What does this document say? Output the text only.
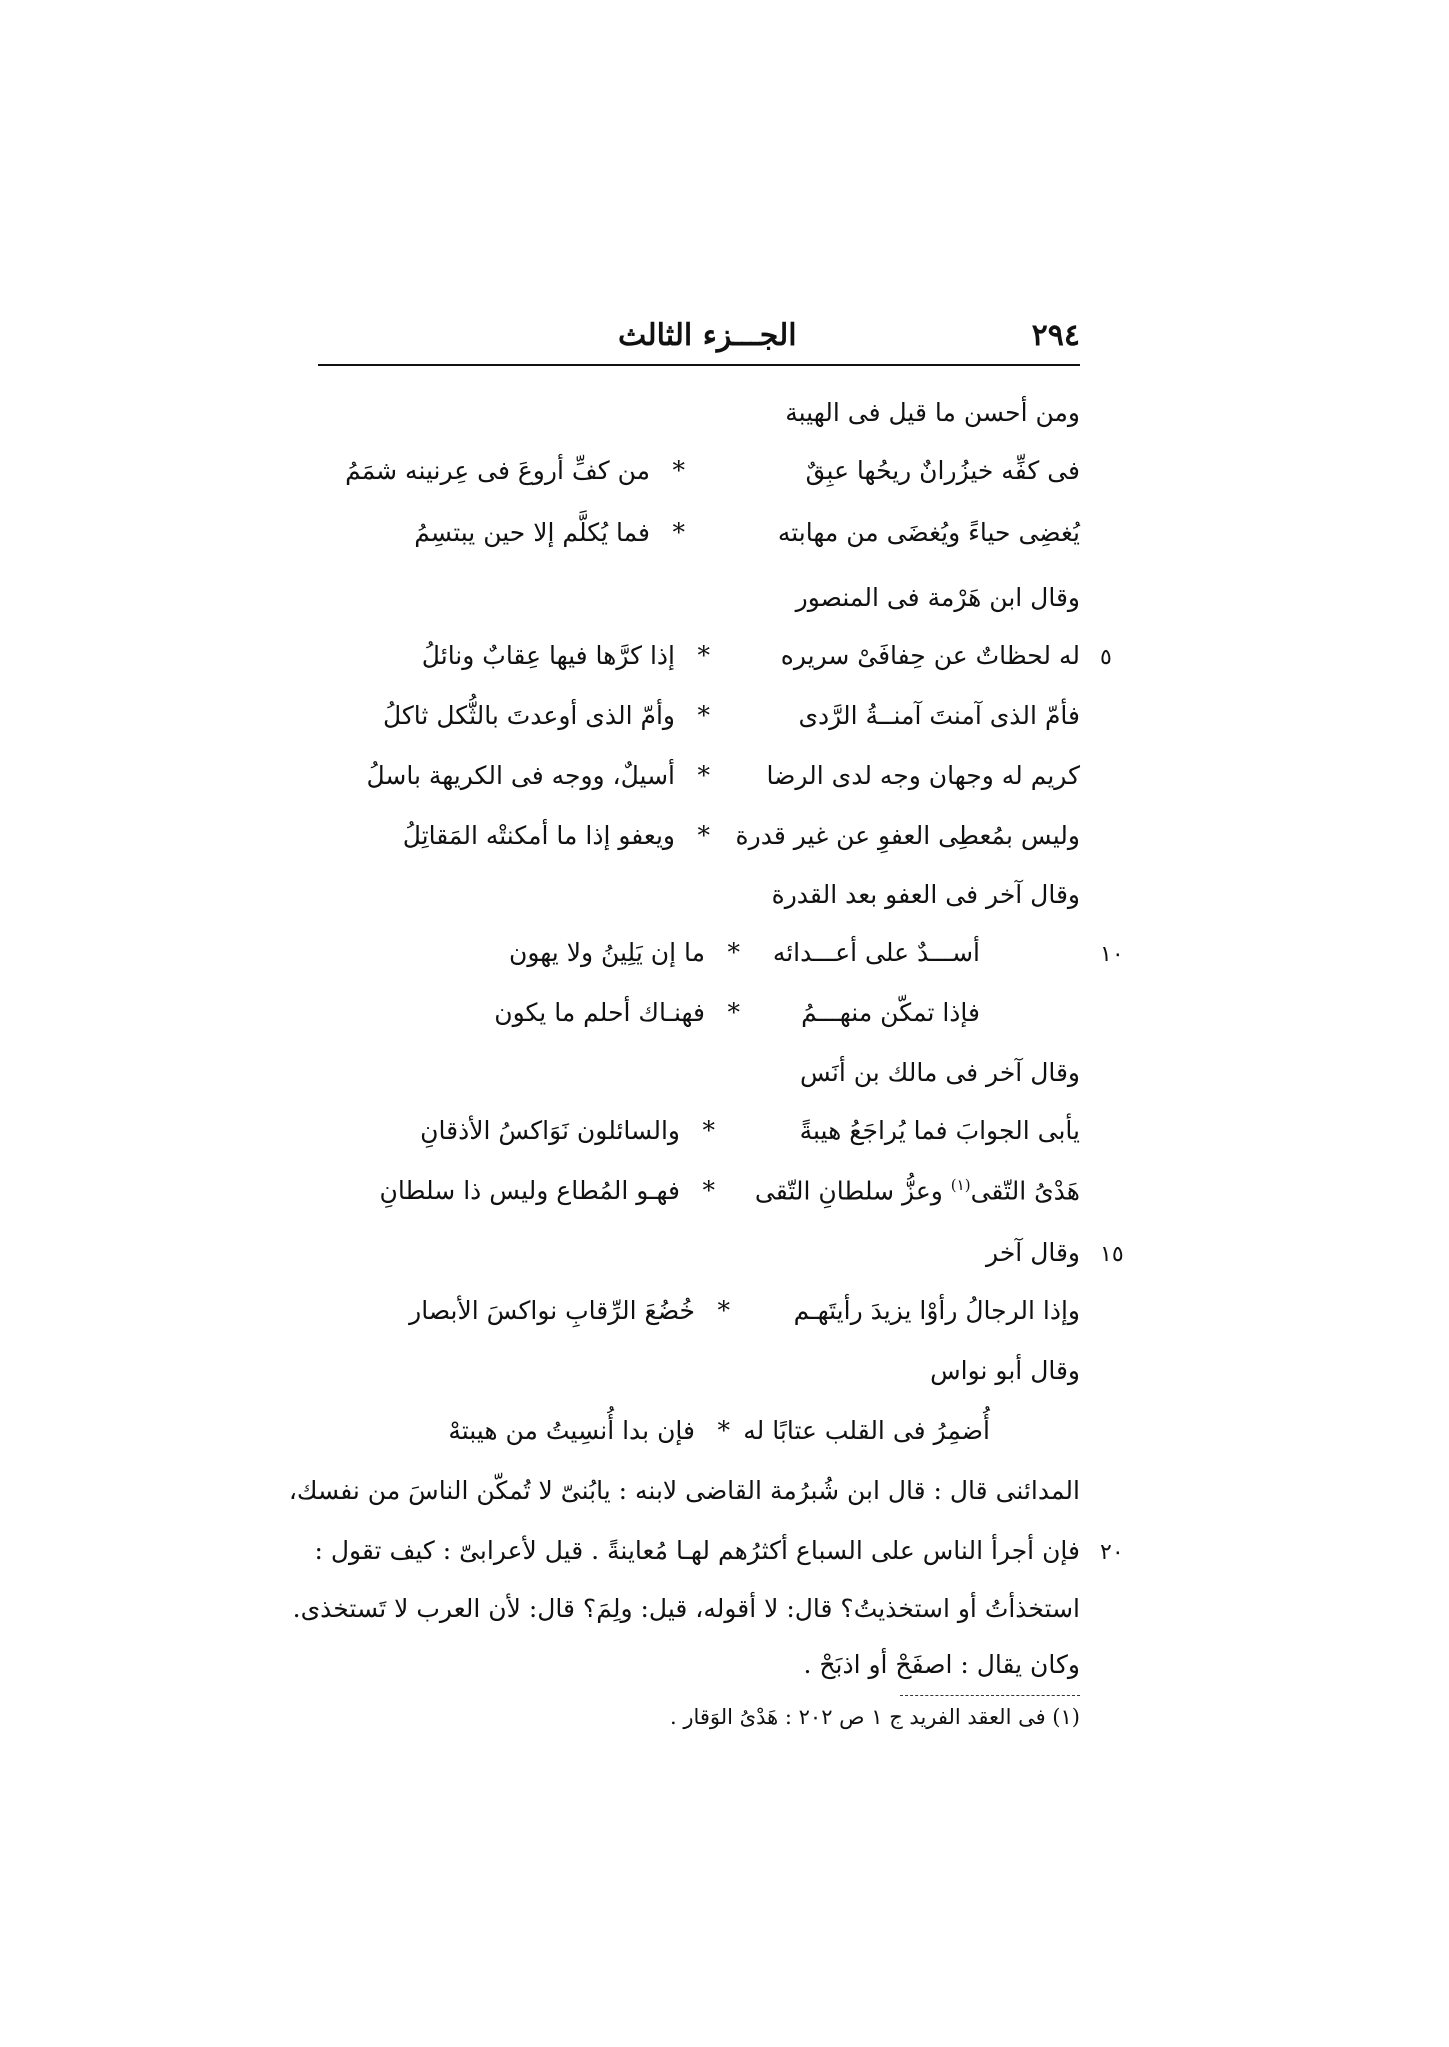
٢٩٤
الجـــزء الثالث
ومن أحسن ما قيل فى الهيبة
فى كفِّه خيزُرانٌ ريحُها عبِقٌ
*
من كفِّ أروعَ فى عِرنينه شمَمُ
يُغضِى حياءً ويُغضَى من مهابته
*
فما يُكلَّم إلا حين يبتسِمُ
وقال ابن هَرْمة فى المنصور
له لحظاتٌ عن حِفافَىْ سريره
*
إذا كرَّها فيها عِقابٌ ونائلُ
فأمّ الذى آمنتَ آمنــةُ الرَّدى
*
وأمّ الذى أوعدتَ بالثُّكل ثاكلُ
كريم له وجهان وجه لدى الرضا
*
أسيلٌ، ووجه فى الكريهة باسلُ
وليس بمُعطِى العفوِ عن غير قدرة
*
ويعفو إذا ما أمكنتْه المَقاتِلُ
وقال آخر فى العفو بعد القدرة
أســـدٌ على أعـــدائه
*
ما إن يَلِينُ ولا يهون
فإذا تمكّن منهـــمُ
*
فهنـاك أحلم ما يكون
وقال آخر فى مالك بن أنَس
يأبى الجوابَ فما يُراجَعُ هيبةً
*
والسائلون نَوَاكسُ الأذقانِ
هَدْىُ التّقى$^{(١)}$ وعزُّ سلطانِ التّقى
*
فهـو المُطاع وليس ذا سلطانِ
وقال آخر
وإذا الرجالُ رأوْا يزيدَ رأيتَهـم
*
خُضُعَ الرِّقابِ نواكسَ الأبصار
وقال أبو نواس
أُضمِرُ فى القلب عتابًا له
*
فإن بدا أُنسِيتُ من هيبتهْ
المدائنى قال : قال ابن شُبرُمة القاضى لابنه : يابُنىّ لا تُمكّن الناسَ من نفسك،
فإن أجرأ الناس على السباع أكثرُهم لهـا مُعاينةً . قيل لأعرابىّ : كيف تقول :
استخذأتُ أو استخذيتُ؟ قال: لا أقوله، قيل: ولِمَ؟ قال: لأن العرب لا تَستخذى.
وكان يقال : اصفَحْ أو اذبَحْ .
٥
١٠
١٥
٢٠
(١) فى العقد الفريد ج ١ ص ٢٠٢ : هَدْىُ الوَقار .
